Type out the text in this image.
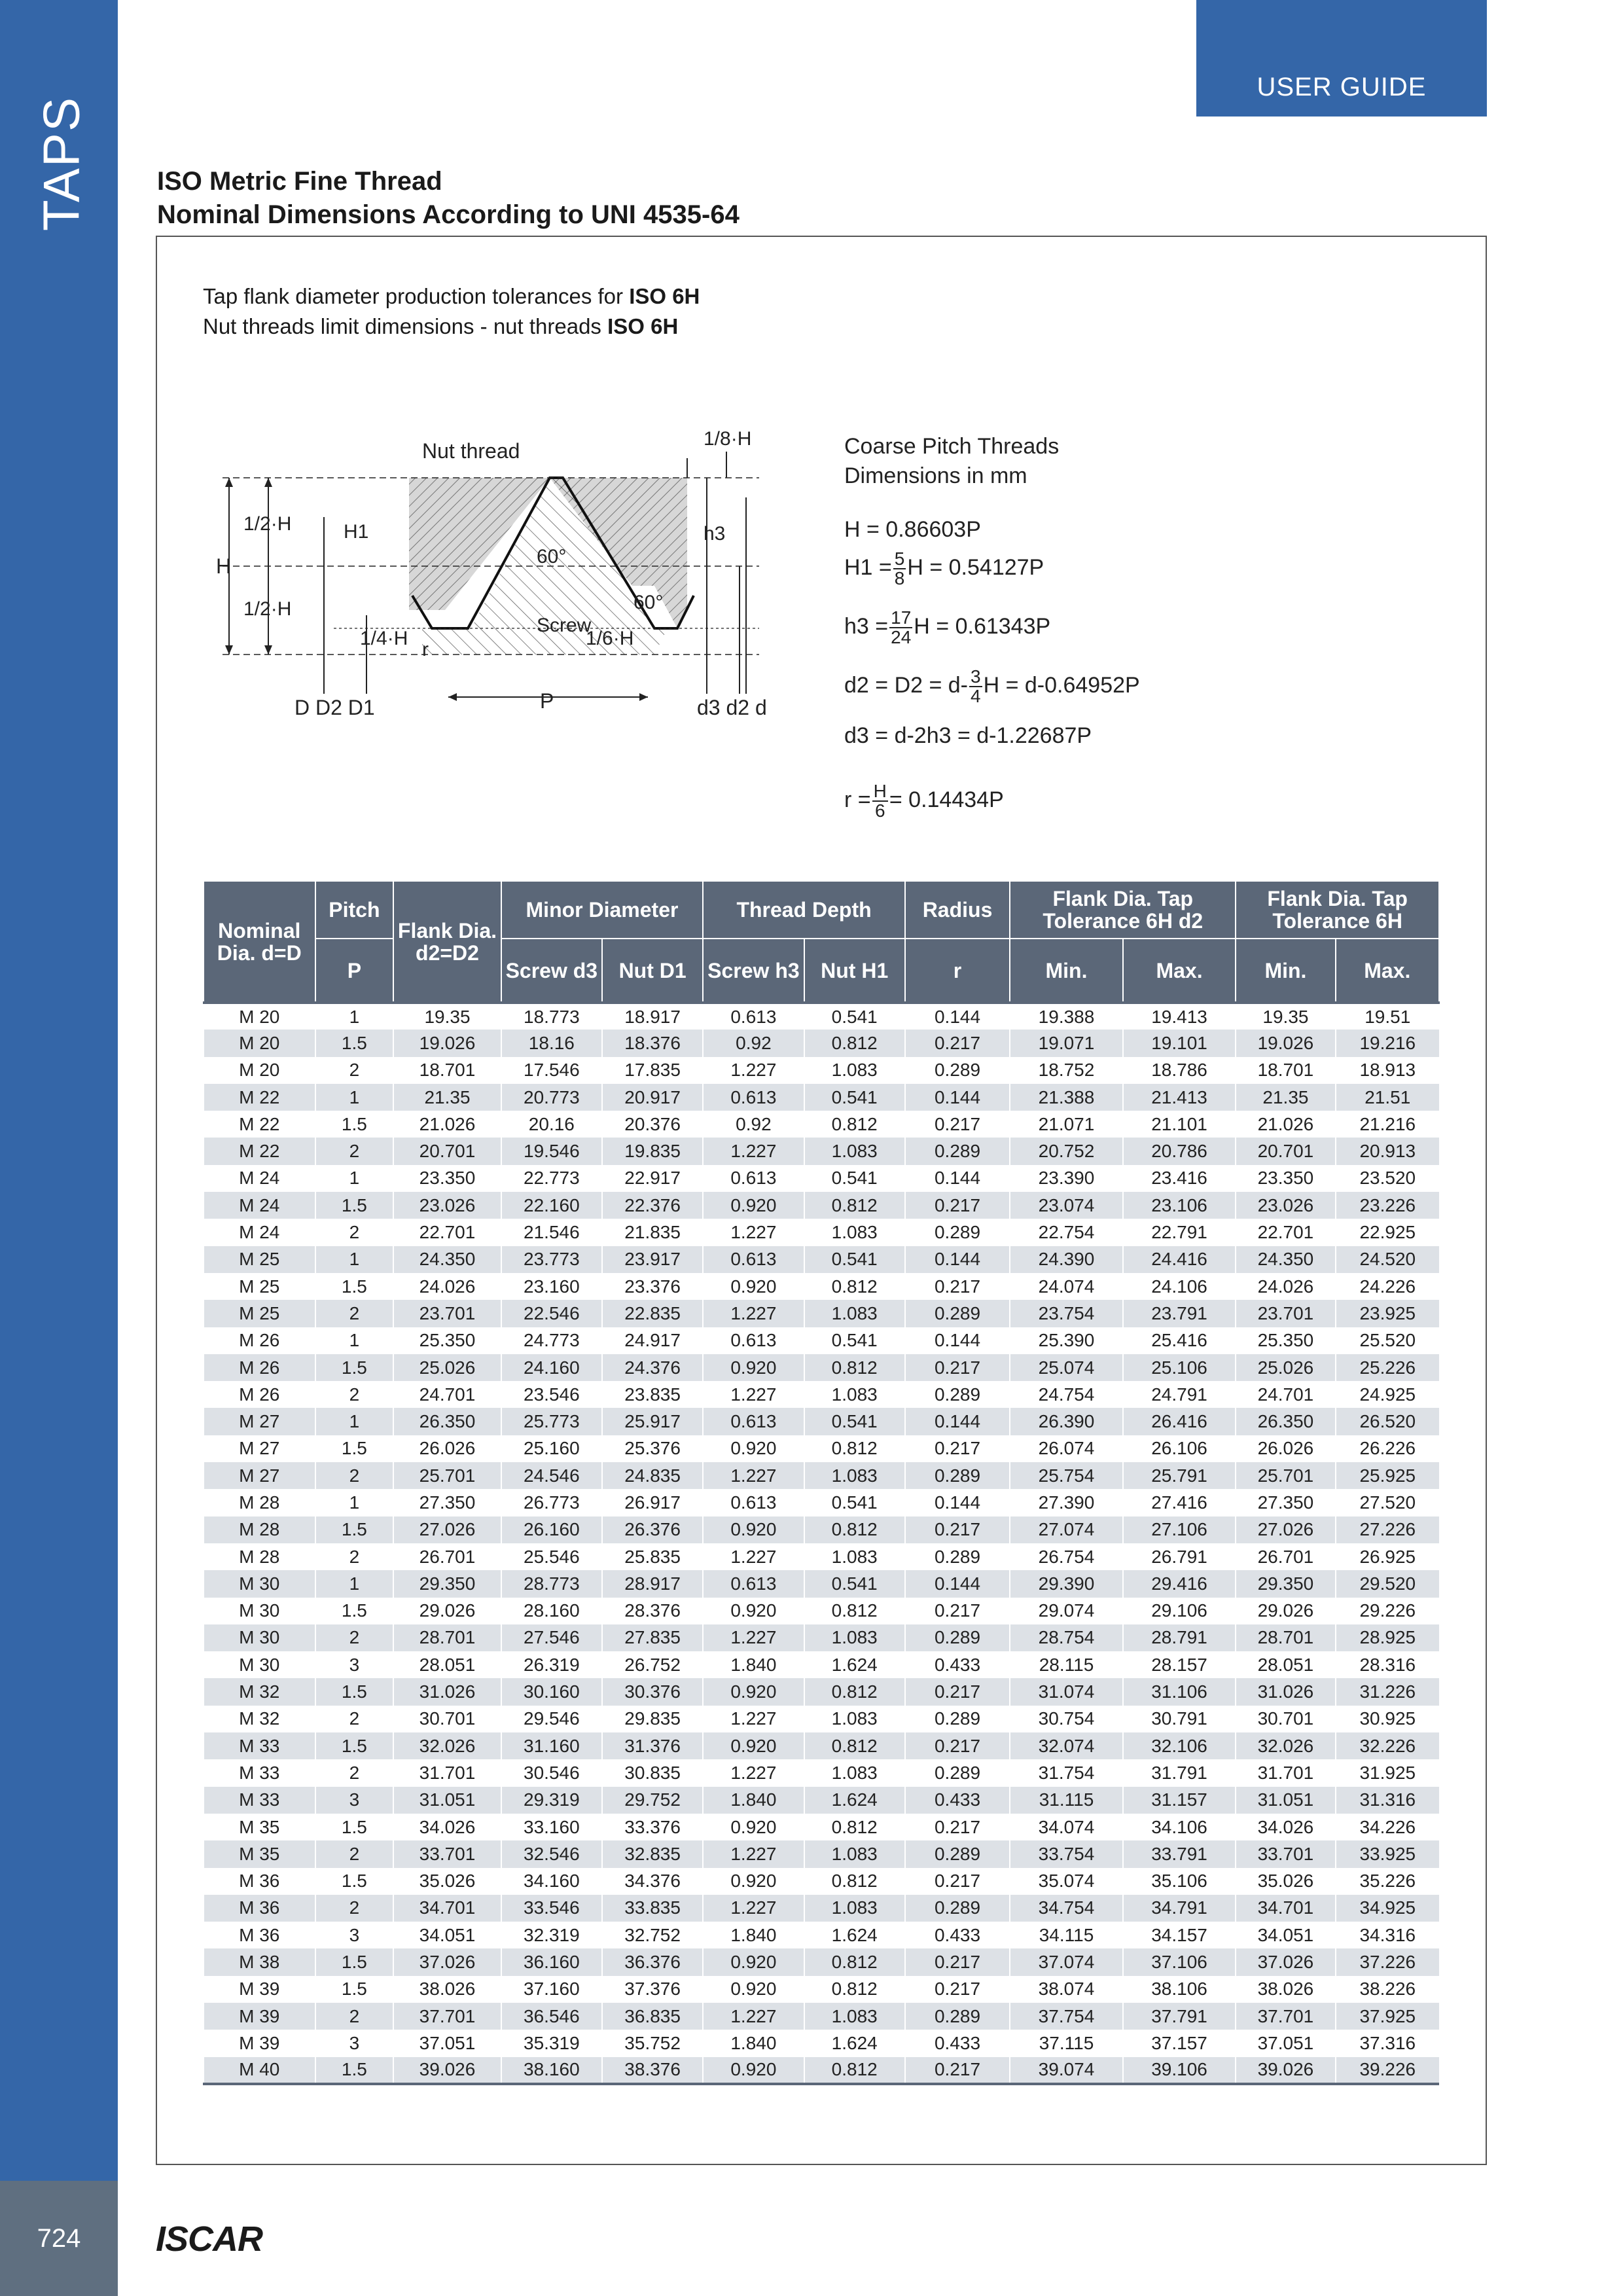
TAPS
724
USER GUIDE
ISO Metric Fine Thread
Nominal Dimensions According to UNI 4535-64
Tap flank diameter production tolerances for ISO 6H
Nut threads limit dimensions - nut threads ISO 6H
Nut thread
1/8·H
1/2·H	H1
H
h3
1/2·H
60°
60°
Screw
1/4·H	1/6·H
r
P
D D2 D1	d3 d2 d
Coarse Pitch Threads
Dimensions in mm
H = 0.86603P
$H1 = \frac{5}{8}$ H = 0.54127P
$h3 = \frac{17}{24}$ H = 0.61343P
$d2 = D2 = d- \frac{3}{4}$ H = d-0.64952P
d3 = d-2h3 = d-1.22687P
$r = \frac{H}{6} = 0.14434P$
Nominal Dia. d=D	Pitch	Flank Dia. d2=D2	Minor Diameter		Thread Depth		Radius	Flank Dia. Tap Tolerance 6H d2		Flank Dia. Tap Tolerance 6H	
	P		Screw d3	Nut D1	Screw h3	Nut H1	r	Min.	Max.	Min.	Max.
M 20	1	19.35	18.773	18.917	0.613	0.541	0.144	19.388	19.413	19.35	19.51
M 20	1.5	19.026	18.16	18.376	0.92	0.812	0.217	19.071	19.101	19.026	19.216
M 20	2	18.701	17.546	17.835	1.227	1.083	0.289	18.752	18.786	18.701	18.913
M 22	1	21.35	20.773	20.917	0.613	0.541	0.144	21.388	21.413	21.35	21.51
M 22	1.5	21.026	20.16	20.376	0.92	0.812	0.217	21.071	21.101	21.026	21.216
M 22	2	20.701	19.546	19.835	1.227	1.083	0.289	20.752	20.786	20.701	20.913
M 24	1	23.350	22.773	22.917	0.613	0.541	0.144	23.390	23.416	23.350	23.520
M 24	1.5	23.026	22.160	22.376	0.920	0.812	0.217	23.074	23.106	23.026	23.226
M 24	2	22.701	21.546	21.835	1.227	1.083	0.289	22.754	22.791	22.701	22.925
M 25	1	24.350	23.773	23.917	0.613	0.541	0.144	24.390	24.416	24.350	24.520
M 25	1.5	24.026	23.160	23.376	0.920	0.812	0.217	24.074	24.106	24.026	24.226
M 25	2	23.701	22.546	22.835	1.227	1.083	0.289	23.754	23.791	23.701	23.925
M 26	1	25.350	24.773	24.917	0.613	0.541	0.144	25.390	25.416	25.350	25.520
M 26	1.5	25.026	24.160	24.376	0.920	0.812	0.217	25.074	25.106	25.026	25.226
M 26	2	24.701	23.546	23.835	1.227	1.083	0.289	24.754	24.791	24.701	24.925
M 27	1	26.350	25.773	25.917	0.613	0.541	0.144	26.390	26.416	26.350	26.520
M 27	1.5	26.026	25.160	25.376	0.920	0.812	0.217	26.074	26.106	26.026	26.226
M 27	2	25.701	24.546	24.835	1.227	1.083	0.289	25.754	25.791	25.701	25.925
M 28	1	27.350	26.773	26.917	0.613	0.541	0.144	27.390	27.416	27.350	27.520
M 28	1.5	27.026	26.160	26.376	0.920	0.812	0.217	27.074	27.106	27.026	27.226
M 28	2	26.701	25.546	25.835	1.227	1.083	0.289	26.754	26.791	26.701	26.925
M 30	1	29.350	28.773	28.917	0.613	0.541	0.144	29.390	29.416	29.350	29.520
M 30	1.5	29.026	28.160	28.376	0.920	0.812	0.217	29.074	29.106	29.026	29.226
M 30	2	28.701	27.546	27.835	1.227	1.083	0.289	28.754	28.791	28.701	28.925
M 30	3	28.051	26.319	26.752	1.840	1.624	0.433	28.115	28.157	28.051	28.316
M 32	1.5	31.026	30.160	30.376	0.920	0.812	0.217	31.074	31.106	31.026	31.226
M 32	2	30.701	29.546	29.835	1.227	1.083	0.289	30.754	30.791	30.701	30.925
M 33	1.5	32.026	31.160	31.376	0.920	0.812	0.217	32.074	32.106	32.026	32.226
M 33	2	31.701	30.546	30.835	1.227	1.083	0.289	31.754	31.791	31.701	31.925
M 33	3	31.051	29.319	29.752	1.840	1.624	0.433	31.115	31.157	31.051	31.316
M 35	1.5	34.026	33.160	33.376	0.920	0.812	0.217	34.074	34.106	34.026	34.226
M 35	2	33.701	32.546	32.835	1.227	1.083	0.289	33.754	33.791	33.701	33.925
M 36	1.5	35.026	34.160	34.376	0.920	0.812	0.217	35.074	35.106	35.026	35.226
M 36	2	34.701	33.546	33.835	1.227	1.083	0.289	34.754	34.791	34.701	34.925
M 36	3	34.051	32.319	32.752	1.840	1.624	0.433	34.115	34.157	34.051	34.316
M 38	1.5	37.026	36.160	36.376	0.920	0.812	0.217	37.074	37.106	37.026	37.226
M 39	1.5	38.026	37.160	37.376	0.920	0.812	0.217	38.074	38.106	38.026	38.226
M 39	2	37.701	36.546	36.835	1.227	1.083	0.289	37.754	37.791	37.701	37.925
M 39	3	37.051	35.319	35.752	1.840	1.624	0.433	37.115	37.157	37.051	37.316
M 40	1.5	39.026	38.160	38.376	0.920	0.812	0.217	39.074	39.106	39.026	39.226
ISCAR
